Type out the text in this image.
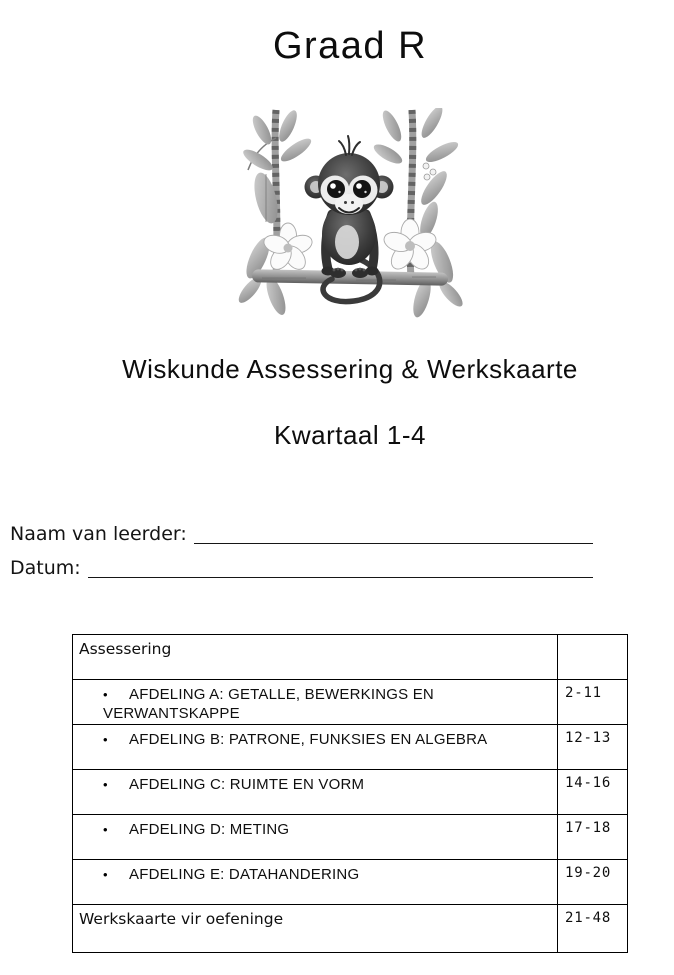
Graad R
Wiskunde Assessering & Werkskaarte
Kwartaal 1-4
Naam van leerder:
Datum:
Assessering	

• AFDELING A: GETALLE, BEWERKINGS EN VERWANTSKAPPE	2-11
• AFDELING B: PATRONE, FUNKSIES EN ALGEBRA	12-13
• AFDELING C: RUIMTE EN VORM	14-16
• AFDELING D: METING	17-18
• AFDELING E: DATAHANDERING	19-20

Werkskaarte vir oefeninge	21-48
